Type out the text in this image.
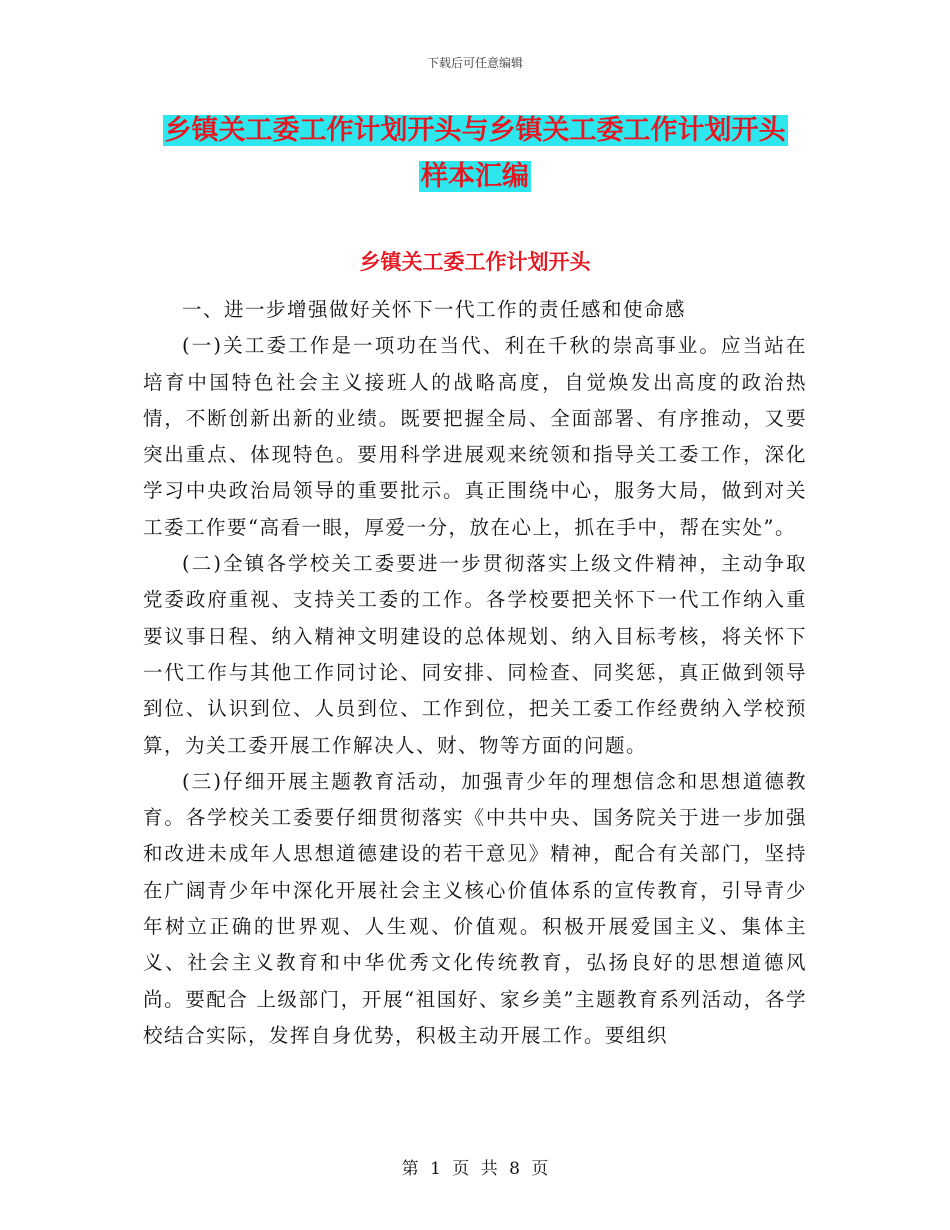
下载后可任意编辑
乡镇关工委工作计划开头与乡镇关工委工作计划开头
样本汇编
乡镇关工委工作计划开头

一、进一步增强做好关怀下一代工作的责任感和使命感

(一)关工委工作是一项功在当代、利在千秋的崇高事业。应当站在培育中国特色社会主义接班人的战略高度，自觉焕发出高度的政治热情，不断创新出新的业绩。既要把握全局、全面部署、有序推动，又要突出重点、体现特色。要用科学进展观来统领和指导关工委工作，深化学习中央政治局领导的重要批示。真正围绕中心，服务大局，做到对关工委工作要“高看一眼，厚爱一分，放在心上，抓在手中，帮在实处”。

(二)全镇各学校关工委要进一步贯彻落实上级文件精神，主动争取党委政府重视、支持关工委的工作。各学校要把关怀下一代工作纳入重要议事日程、纳入精神文明建设的总体规划、纳入目标考核，将关怀下一代工作与其他工作同讨论、同安排、同检查、同奖惩，真正做到领导到位、认识到位、人员到位、工作到位，把关工委工作经费纳入学校预算，为关工委开展工作解决人、财、物等方面的问题。

(三)仔细开展主题教育活动，加强青少年的理想信念和思想道德教育。各学校关工委要仔细贯彻落实《中共中央、国务院关于进一步加强和改进未成年人思想道德建设的若干意见》精神，配合有关部门，坚持在广阔青少年中深化开展社会主义核心价值体系的宣传教育，引导青少年树立正确的世界观、人生观、价值观。积极开展爱国主义、集体主义、社会主义教育和中华优秀文化传统教育，弘扬良好的思想道德风尚。要配合 上级部门，开展“祖国好、家乡美”主题教育系列活动，各学校结合实际，发挥自身优势，积极主动开展工作。要组织

第 1 页 共 8 页
